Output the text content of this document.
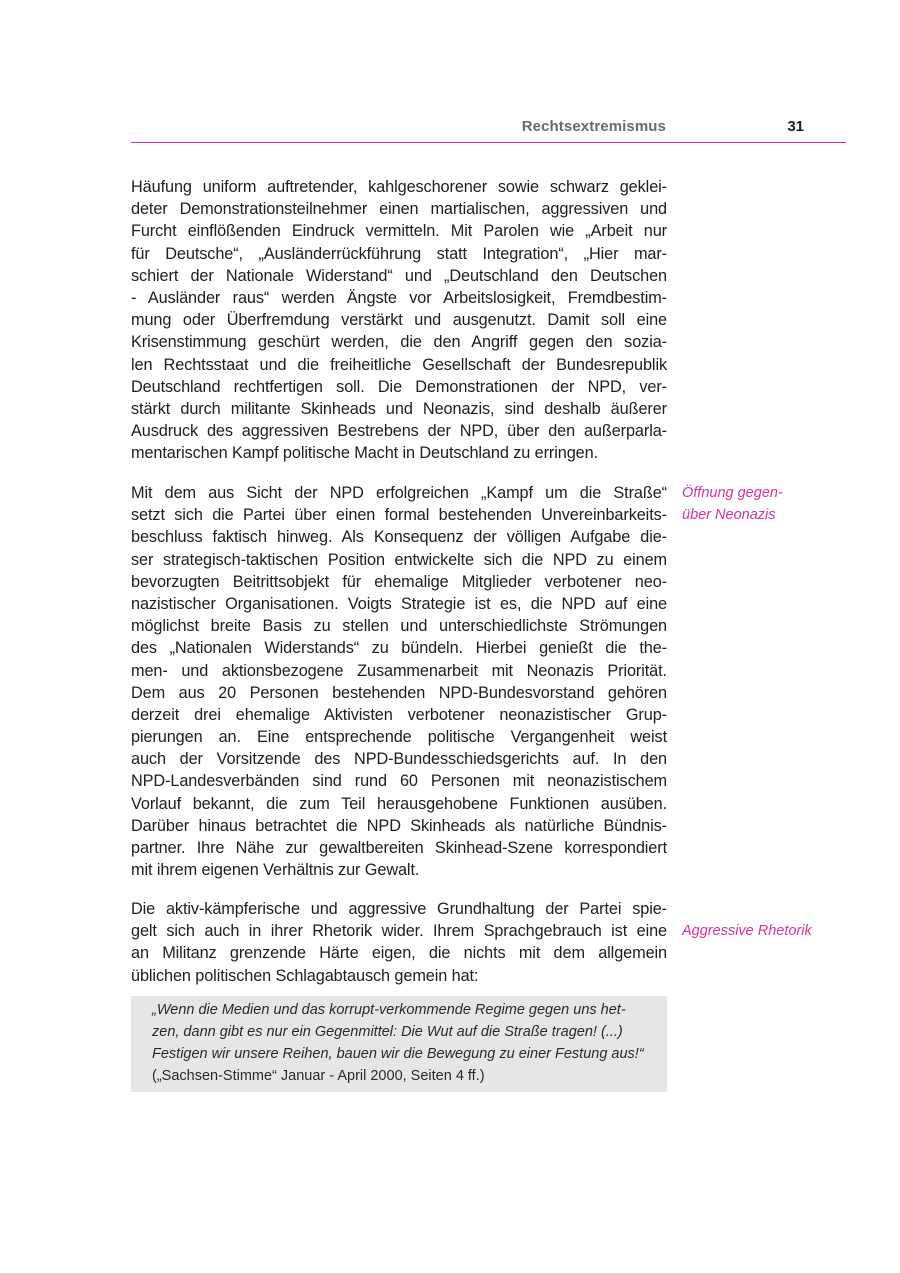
Rechtsextremismus	31
Häufung uniform auftretender, kahlgeschorener sowie schwarz geklei-
deter Demonstrationsteilnehmer einen martialischen, aggressiven und
Furcht einflößenden Eindruck vermitteln. Mit Parolen wie „Arbeit nur
für Deutsche“, „Ausländerrückführung statt Integration“, „Hier mar-
schiert der Nationale Widerstand“ und „Deutschland den Deutschen
- Ausländer raus“ werden Ängste vor Arbeitslosigkeit, Fremdbestim-
mung oder Überfremdung verstärkt und ausgenutzt. Damit soll eine
Krisenstimmung geschürt werden, die den Angriff gegen den sozia-
len Rechtsstaat und die freiheitliche Gesellschaft der Bundesrepublik
Deutschland rechtfertigen soll. Die Demonstrationen der NPD, ver-
stärkt durch militante Skinheads und Neonazis, sind deshalb äußerer
Ausdruck des aggressiven Bestrebens der NPD, über den außerparla-
mentarischen Kampf politische Macht in Deutschland zu erringen.
Mit dem aus Sicht der NPD erfolgreichen „Kampf um die Straße“
setzt sich die Partei über einen formal bestehenden Unvereinbarkeits-
beschluss faktisch hinweg. Als Konsequenz der völligen Aufgabe die-
ser strategisch-taktischen Position entwickelte sich die NPD zu einem
bevorzugten Beitrittsobjekt für ehemalige Mitglieder verbotener neo-
nazistischer Organisationen. Voigts Strategie ist es, die NPD auf eine
möglichst breite Basis zu stellen und unterschiedlichste Strömungen
des „Nationalen Widerstands“ zu bündeln. Hierbei genießt die the-
men- und aktionsbezogene Zusammenarbeit mit Neonazis Priorität.
Dem aus 20 Personen bestehenden NPD-Bundesvorstand gehören
derzeit drei ehemalige Aktivisten verbotener neonazistischer Grup-
pierungen an. Eine entsprechende politische Vergangenheit weist
auch der Vorsitzende des NPD-Bundesschiedsgerichts auf. In den
NPD-Landesverbänden sind rund 60 Personen mit neonazistischem
Vorlauf bekannt, die zum Teil herausgehobene Funktionen ausüben.
Darüber hinaus betrachtet die NPD Skinheads als natürliche Bündnis-
partner. Ihre Nähe zur gewaltbereiten Skinhead-Szene korrespondiert
mit ihrem eigenen Verhältnis zur Gewalt.
Die aktiv-kämpferische und aggressive Grundhaltung der Partei spie-
gelt sich auch in ihrer Rhetorik wider. Ihrem Sprachgebrauch ist eine
an Militanz grenzende Härte eigen, die nichts mit dem allgemein
üblichen politischen Schlagabtausch gemein hat:
Öffnung gegen-
über Neonazis
Aggressive Rhetorik
„Wenn die Medien und das korrupt-verkommende Regime gegen uns het-
zen, dann gibt es nur ein Gegenmittel: Die Wut auf die Straße tragen! (...)
Festigen wir unsere Reihen, bauen wir die Bewegung zu einer Festung aus!“
(„Sachsen-Stimme“ Januar - April 2000, Seiten 4 ff.)
